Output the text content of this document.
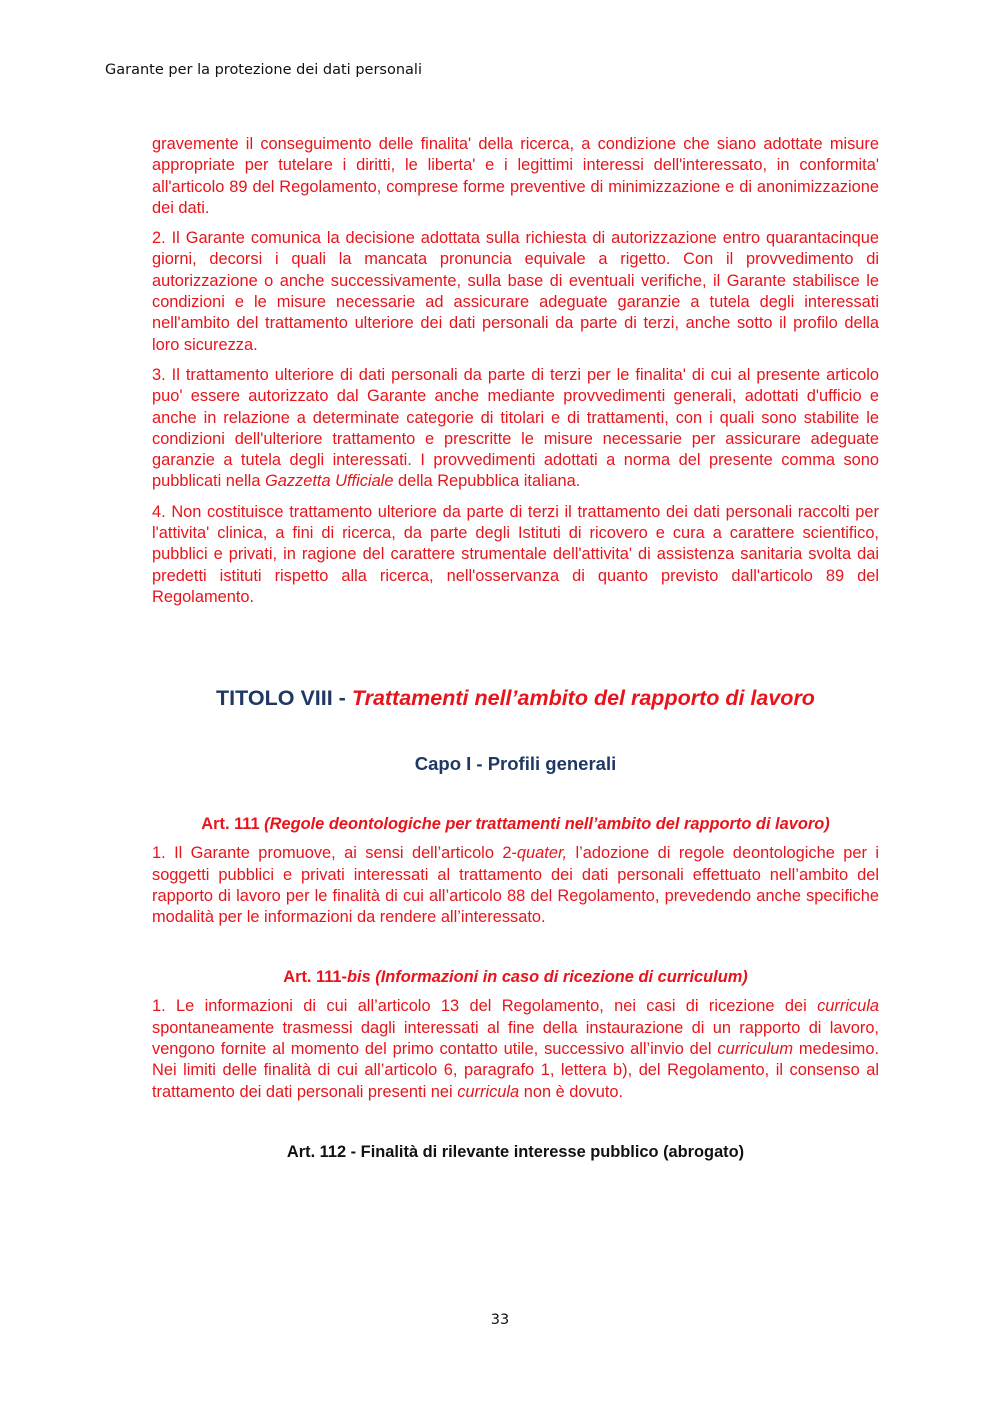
Garante per la protezione dei dati personali

gravemente il conseguimento delle finalita' della ricerca, a condizione che siano adottate misure appropriate per tutelare i diritti, le liberta' e i legittimi interessi dell'interessato, in conformita' all'articolo 89 del Regolamento, comprese forme preventive di minimizzazione e di anonimizzazione dei dati.

2. Il Garante comunica la decisione adottata sulla richiesta di autorizzazione entro quarantacinque giorni, decorsi i quali la mancata pronuncia equivale a rigetto. Con il provvedimento di autorizzazione o anche successivamente, sulla base di eventuali verifiche, il Garante stabilisce le condizioni e le misure necessarie ad assicurare adeguate garanzie a tutela degli interessati nell'ambito del trattamento ulteriore dei dati personali da parte di terzi, anche sotto il profilo della loro sicurezza.

3. Il trattamento ulteriore di dati personali da parte di terzi per le finalita' di cui al presente articolo puo' essere autorizzato dal Garante anche mediante provvedimenti generali, adottati d'ufficio e anche in relazione a determinate categorie di titolari e di trattamenti, con i quali sono stabilite le condizioni dell'ulteriore trattamento e prescritte le misure necessarie per assicurare adeguate garanzie a tutela degli interessati. I provvedimenti adottati a norma del presente comma sono pubblicati nella Gazzetta Ufficiale della Repubblica italiana.

4. Non costituisce trattamento ulteriore da parte di terzi il trattamento dei dati personali raccolti per l'attivita' clinica, a fini di ricerca, da parte degli Istituti di ricovero e cura a carattere scientifico, pubblici e privati, in ragione del carattere strumentale dell'attivita' di assistenza sanitaria svolta dai predetti istituti rispetto alla ricerca, nell'osservanza di quanto previsto dall'articolo 89 del Regolamento.

TITOLO VIII - Trattamenti nell’ambito del rapporto di lavoro
Capo I - Profili generali
Art. 111 (Regole deontologiche per trattamenti nell’ambito del rapporto di lavoro)

1. Il Garante promuove, ai sensi dell’articolo 2-quater, l’adozione di regole deontologiche per i soggetti pubblici e privati interessati al trattamento dei dati personali effettuato nell’ambito del rapporto di lavoro per le finalità di cui all’articolo 88 del Regolamento, prevedendo anche specifiche modalità per le informazioni da rendere all’interessato.

Art. 111-bis (Informazioni in caso di ricezione di curriculum)

1. Le informazioni di cui all’articolo 13 del Regolamento, nei casi di ricezione dei curricula spontaneamente trasmessi dagli interessati al fine della instaurazione di un rapporto di lavoro, vengono fornite al momento del primo contatto utile, successivo all’invio del curriculum medesimo. Nei limiti delle finalità di cui all’articolo 6, paragrafo 1, lettera b), del Regolamento, il consenso al trattamento dei dati personali presenti nei curricula non è dovuto.

Art. 112 - Finalità di rilevante interesse pubblico (abrogato)
33
